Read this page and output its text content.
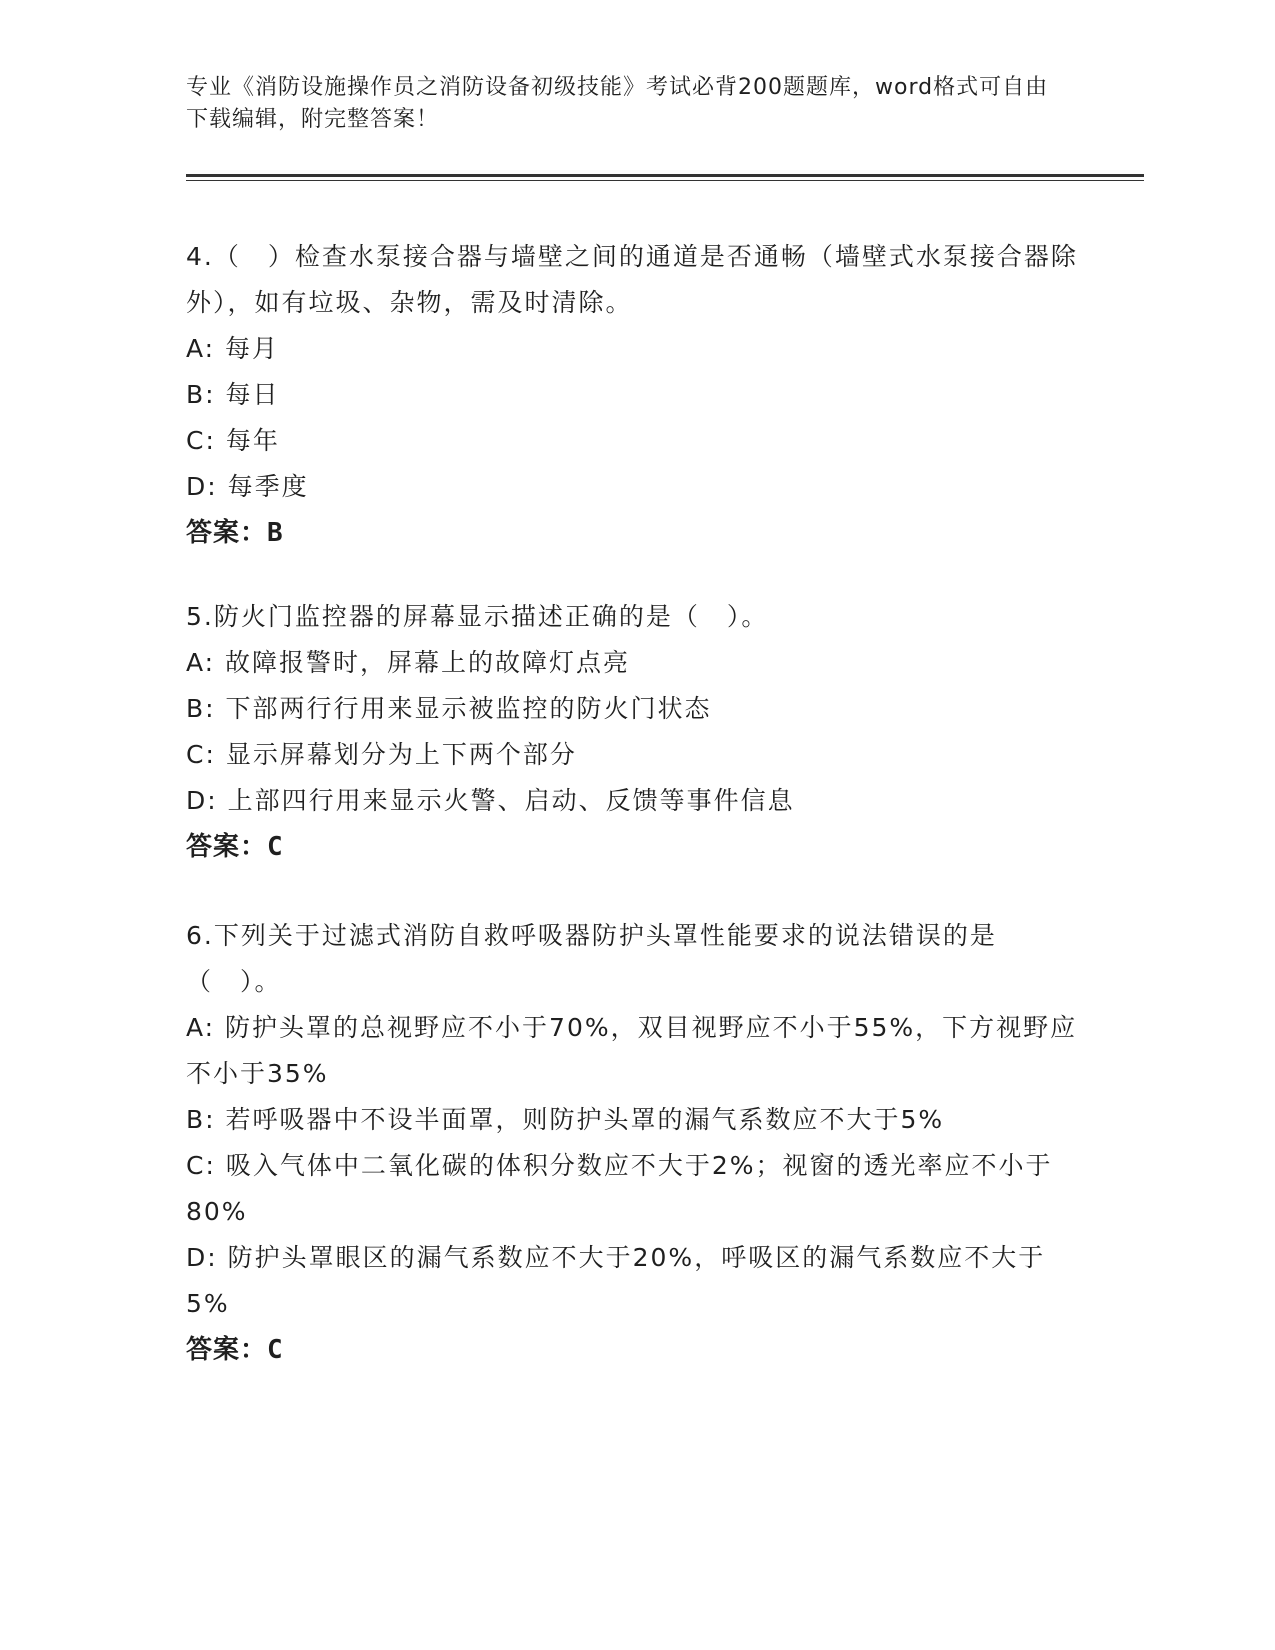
专业《消防设施操作员之消防设备初级技能》考试必背200题题库，word格式可自由下载编辑，附完整答案！
4.（　）检查水泵接合器与墙壁之间的通道是否通畅（墙壁式水泵接合器除外），如有垃圾、杂物，需及时清除。
A: 每月
B: 每日
C: 每年
D: 每季度
答案：B
5.防火门监控器的屏幕显示描述正确的是（　）。
A: 故障报警时，屏幕上的故障灯点亮
B: 下部两行行用来显示被监控的防火门状态
C: 显示屏幕划分为上下两个部分
D: 上部四行用来显示火警、启动、反馈等事件信息
答案：C
6.下列关于过滤式消防自救呼吸器防护头罩性能要求的说法错误的是（　）。
A: 防护头罩的总视野应不小于70%，双目视野应不小于55%，下方视野应不小于35%
B: 若呼吸器中不设半面罩，则防护头罩的漏气系数应不大于5%
C: 吸入气体中二氧化碳的体积分数应不大于2%；视窗的透光率应不小于80%
D: 防护头罩眼区的漏气系数应不大于20%，呼吸区的漏气系数应不大于5%
答案：C
